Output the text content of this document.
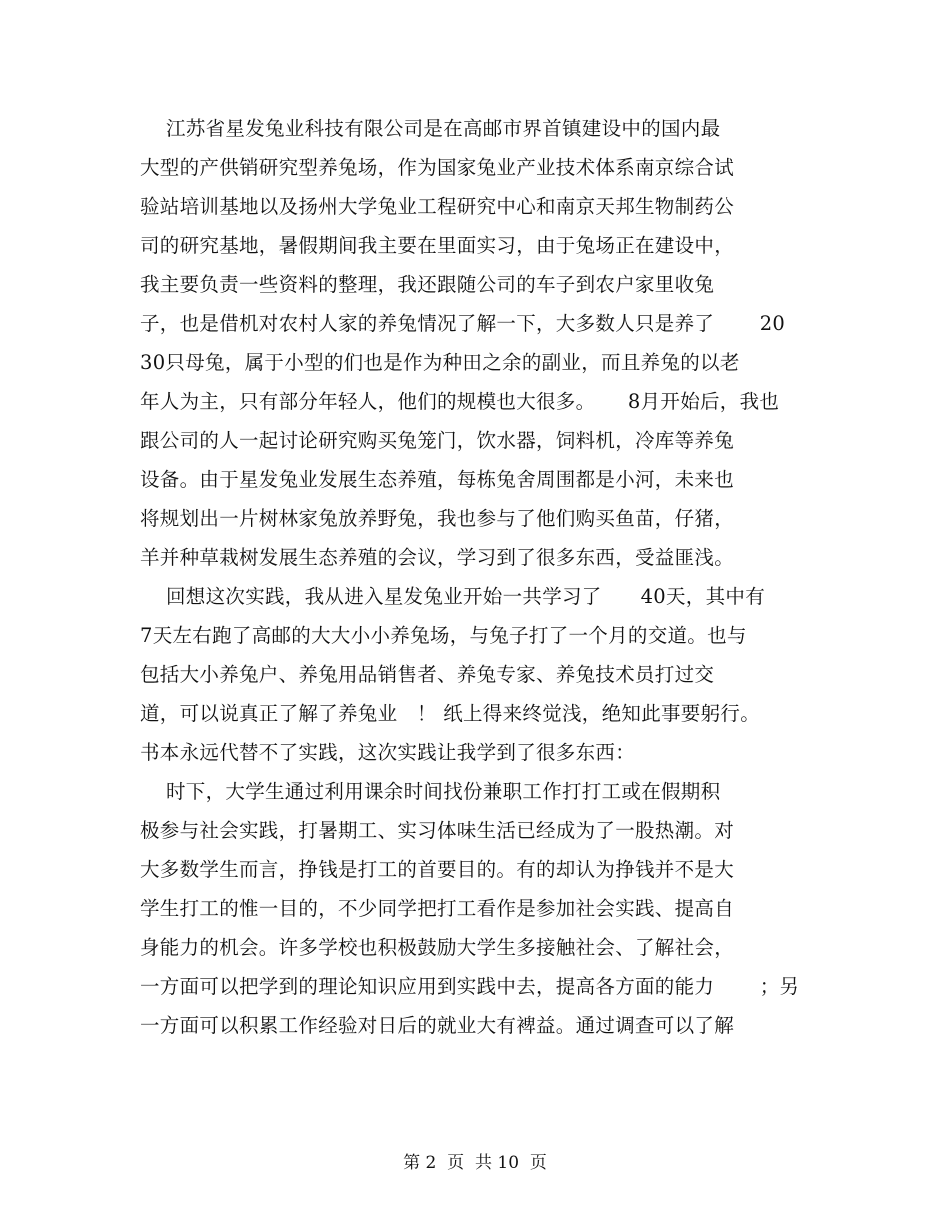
江苏省星发兔业科技有限公司是在高邮市界首镇建设中的国内最
大型的产供销研究型养兔场，作为国家兔业产业技术体系南京综合试
验站培训基地以及扬州大学兔业工程研究中心和南京天邦生物制药公
司的研究基地，暑假期间我主要在里面实习，由于兔场正在建设中，
我主要负责一些资料的整理，我还跟随公司的车子到农户家里收兔
子，也是借机对农村人家的养兔情况了解一下，大多数人只是养了       20
30只母兔，属于小型的们也是作为种田之余的副业，而且养兔的以老
年人为主，只有部分年轻人，他们的规模也大很多。     8月开始后，我也
跟公司的人一起讨论研究购买兔笼门，饮水器，饲料机，冷库等养兔
设备。由于星发兔业发展生态养殖，每栋兔舍周围都是小河，未来也
将规划出一片树林家兔放养野兔，我也参与了他们购买鱼苗，仔猪，
羊并种草栽树发展生态养殖的会议，学习到了很多东西，受益匪浅。
回想这次实践，我从进入星发兔业开始一共学习了      40天，其中有
7天左右跑了高邮的大大小小养兔场，与兔子打了一个月的交道。也与
包括大小养兔户、养兔用品销售者、养兔专家、养兔技术员打过交
道，可以说真正了解了养兔业   ！ 纸上得来终觉浅，绝知此事要躬行。
书本永远代替不了实践，这次实践让我学到了很多东西：
时下，大学生通过利用课余时间找份兼职工作打打工或在假期积
极参与社会实践，打暑期工、实习体味生活已经成为了一股热潮。对
大多数学生而言，挣钱是打工的首要目的。有的却认为挣钱并不是大
学生打工的惟一目的，不少同学把打工看作是参加社会实践、提高自
身能力的机会。许多学校也积极鼓励大学生多接触社会、了解社会，
一方面可以把学到的理论知识应用到实践中去，提高各方面的能力       ；另
一方面可以积累工作经验对日后的就业大有裨益。通过调查可以了解
第 2  页  共 10  页
